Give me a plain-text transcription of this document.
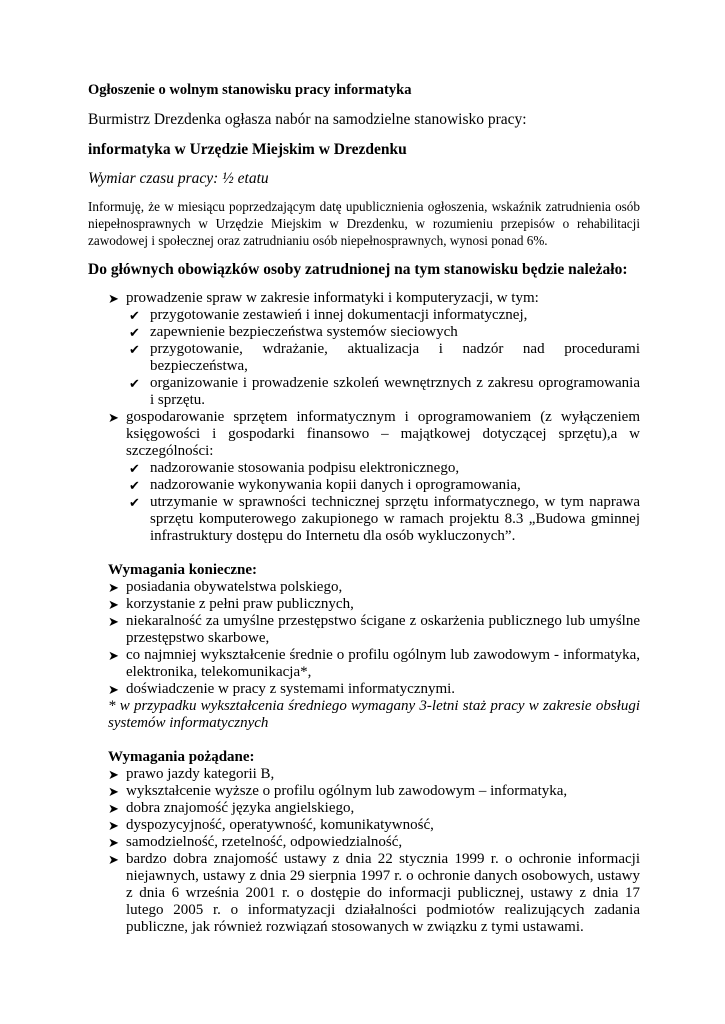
Ogłoszenie o wolnym stanowisku pracy informatyka

Burmistrz Drezdenka ogłasza nabór na samodzielne stanowisko pracy:

informatyka w Urzędzie Miejskim w Drezdenku

Wymiar czasu pracy: ½ etatu

Informuję, że w miesiącu poprzedzającym datę upublicznienia ogłoszenia, wskaźnik zatrudnienia osób niepełnosprawnych w Urzędzie Miejskim w Drezdenku, w rozumieniu przepisów o rehabilitacji zawodowej i społecznej oraz zatrudnianiu osób niepełnosprawnych, wynosi ponad 6%.

Do głównych obowiązków osoby zatrudnionej na tym stanowisku będzie należało:

➤ prowadzenie spraw w zakresie informatyki i komputeryzacji, w tym:
✔ przygotowanie zestawień i innej dokumentacji informatycznej,
✔ zapewnienie bezpieczeństwa systemów sieciowych
✔ przygotowanie, wdrażanie, aktualizacja i nadzór nad procedurami bezpieczeństwa,
✔ organizowanie i prowadzenie szkoleń wewnętrznych z zakresu oprogramowania i sprzętu.
➤ gospodarowanie sprzętem informatycznym i oprogramowaniem (z wyłączeniem księgowości i gospodarki finansowo – majątkowej dotyczącej sprzętu),a w szczególności:
✔ nadzorowanie stosowania podpisu elektronicznego,
✔ nadzorowanie wykonywania kopii danych i oprogramowania,
✔ utrzymanie w sprawności technicznej sprzętu informatycznego, w tym naprawa sprzętu komputerowego zakupionego w ramach projektu 8.3 „Budowa gminnej infrastruktury dostępu do Internetu dla osób wykluczonych”.

Wymagania konieczne:

➤ posiadania obywatelstwa polskiego,
➤ korzystanie z pełni praw publicznych,
➤ niekaralność za umyślne przestępstwo ścigane z oskarżenia publicznego lub umyślne przestępstwo skarbowe,
➤ co najmniej wykształcenie średnie o profilu ogólnym lub zawodowym - informatyka, elektronika, telekomunikacja*,
➤ doświadczenie w pracy z systemami informatycznymi.

* w przypadku wykształcenia średniego wymagany 3-letni staż pracy w zakresie obsługi systemów informatycznych

Wymagania pożądane:

➤ prawo jazdy kategorii B,
➤ wykształcenie wyższe o profilu ogólnym lub zawodowym – informatyka,
➤ dobra znajomość języka angielskiego,
➤ dyspozycyjność, operatywność, komunikatywność,
➤ samodzielność, rzetelność, odpowiedzialność,
➤ bardzo dobra znajomość ustawy z dnia 22 stycznia 1999 r. o ochronie informacji niejawnych, ustawy z dnia 29 sierpnia 1997 r. o ochronie danych osobowych, ustawy z dnia 6 września 2001 r. o dostępie do informacji publicznej, ustawy z dnia 17 lutego 2005 r. o informatyzacji działalności podmiotów realizujących zadania publiczne, jak również rozwiązań stosowanych w związku z tymi ustawami.
